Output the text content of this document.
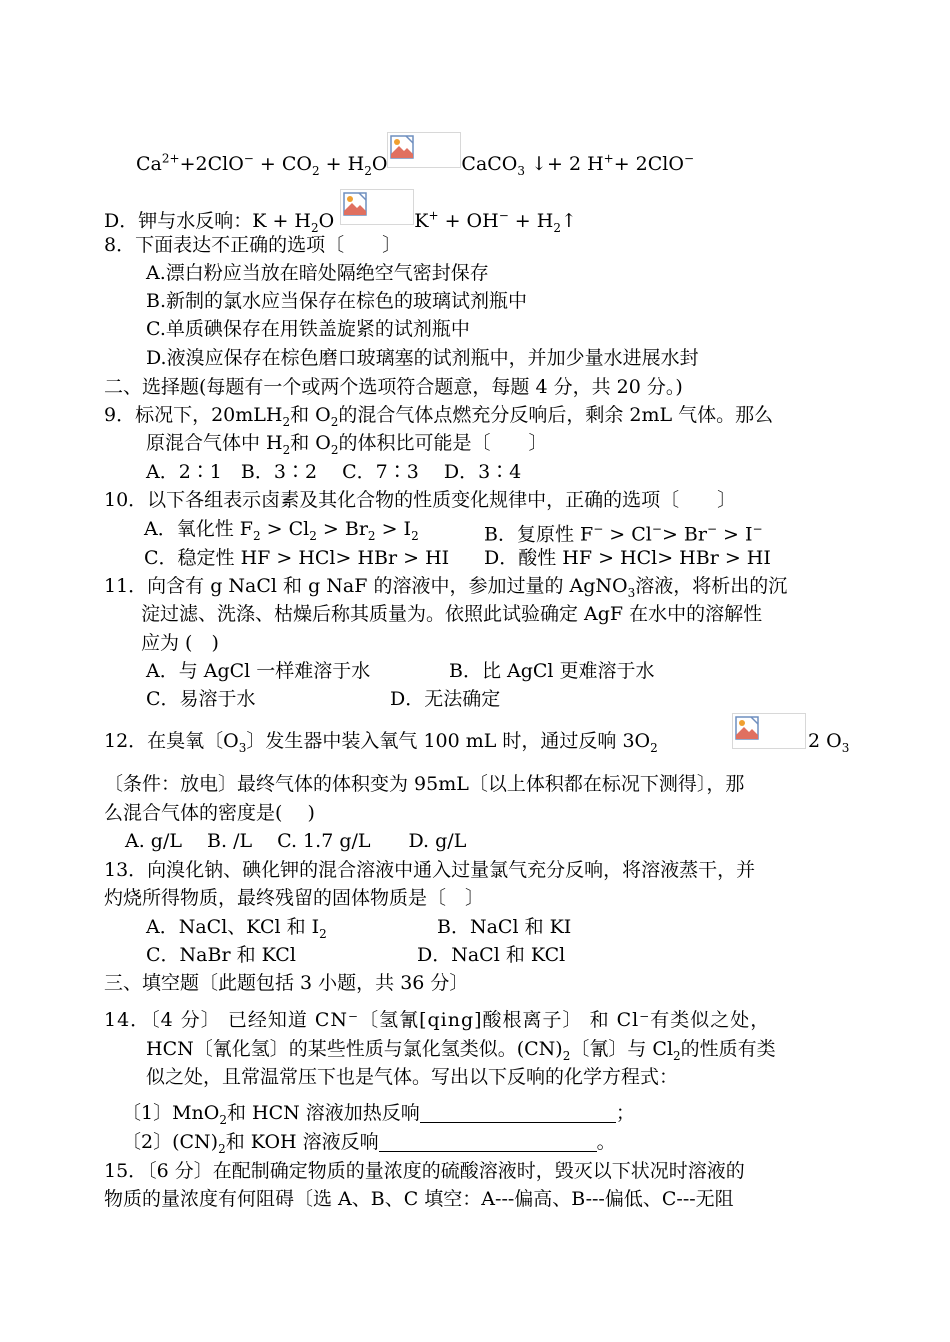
$Ca^{2+}+2ClO^- + CO_2 + H_2O$	CaCO$_3$ ↓+ 2 H++ 2ClO−
D．钾与水反响：$K + H_2O$	$K^+ + OH^- + H_2↑$
8．下面表达不正确的选项〔　　〕
A.漂白粉应当放在暗处隔绝空气密封保存
B.新制的氯水应当保存在棕色的玻璃试剂瓶中
C.单质碘保存在用铁盖旋紧的试剂瓶中
D.液溴应保存在棕色磨口玻璃塞的试剂瓶中，并加少量水进展水封
二、选择题(每题有一个或两个选项符合题意，每题 4 分，共 20 分。)
9．标况下，20mLH$_2$和 $O_2$的混合气体点燃充分反响后，剩余 2mL 气体。那么
原混合气体中 $H_2$和 $O_2$的体积比可能是〔　　〕
A．2∶1　B．3∶2　 C．7∶3　 D．3∶4
10．以下各组表示卤素及其化合物的性质变化规律中，正确的选项〔　　〕
A．氧化性 $F_2 > Cl_2 > Br_2 > I_2$	B．复原性 F− > Cl−> Br− > I−
C．稳定性 HF > HCl> HBr > HI D．酸性 HF > HCl> HBr > HI
11．向含有 g NaCl 和 g NaF 的溶液中，参加过量的 AgNO$_3$溶液，将析出的沉
淀过滤、洗涤、枯燥后称其质量为。依照此试验确定 AgF 在水中的溶解性
应为 (　)
A．与 AgCl 一样难溶于水	B．比 AgCl 更难溶于水
C．易溶于水	D．无法确定
12．在臭氧〔$O_3$〕发生器中装入氧气 100 mL 时，通过反响 $3O_2$	2 $O_3$
〔条件：放电〕最终气体的体积变为 95mL〔以上体积都在标况下测得〕，那
么混合气体的密度是(　 )
A. g/L　 B. /L　 C. 1.7 g/L　　D. g/L
13．向溴化钠、碘化钾的混合溶液中通入过量氯气充分反响，将溶液蒸干，并
灼烧所得物质，最终残留的固体物质是〔　〕
A．NaCl、KCl 和 $I_2$	B．NaCl 和 KI
C．NaBr 和 KCl	D．NaCl 和 KCl
三、填空题〔此题包括 3 小题，共 36 分〕
14．〔4 分〕 已经知道 CN⁻〔氢氰[qing]酸根离子〕 和 Cl⁻有类似之处，
HCN〔氰化氢〕的某些性质与氯化氢类似。$(CN)_2$〔氰〕与 $Cl_2$的性质有类
似之处，且常温常压下也是气体。写出以下反响的化学方程式：
〔1〕MnO$_2$和 HCN 溶液加热反响	；
〔2〕$(CN)_2$和 KOH 溶液反响	。
15．〔6 分〕在配制确定物质的量浓度的硫酸溶液时，毁灭以下状况时溶液的
物质的量浓度有何阻碍〔选 A、B、C 填空：A---偏高、B---偏低、C---无阻
